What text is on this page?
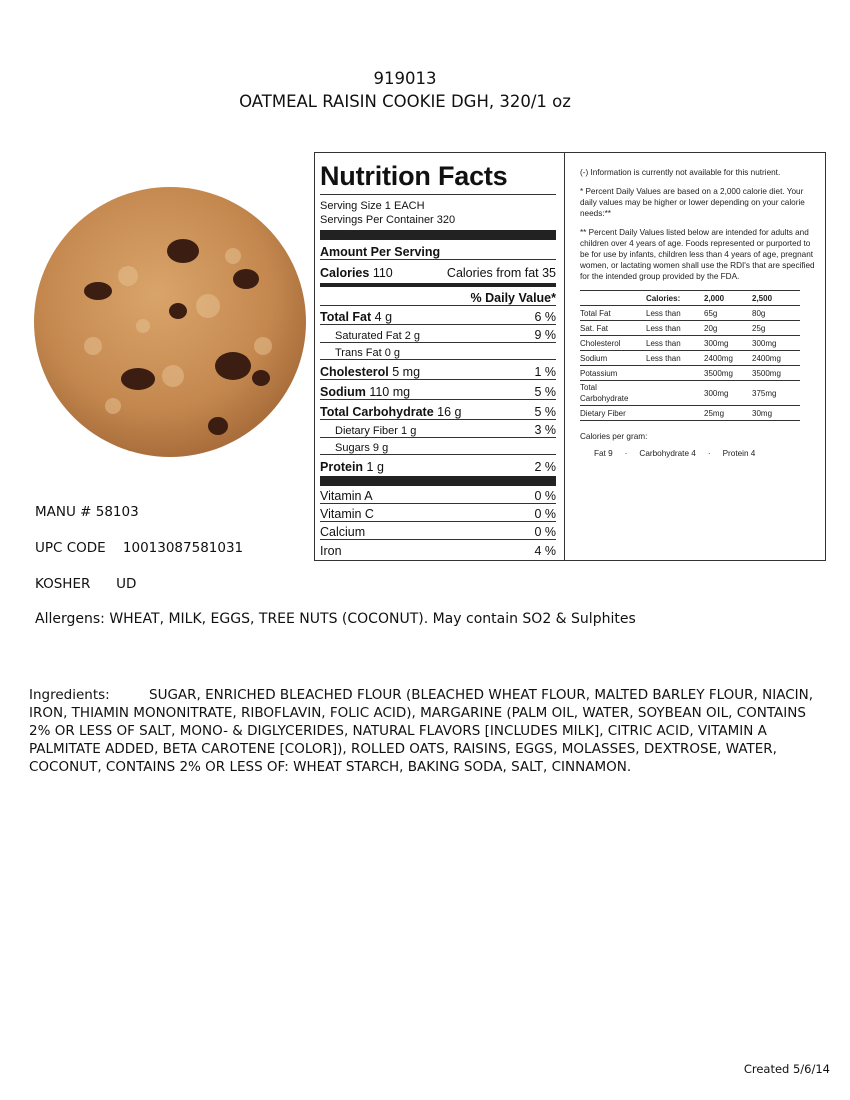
919013
OATMEAL RAISIN COOKIE DGH, 320/1 oz
MANU # 58103
UPC CODE 10013087581031
KOSHER UD
Allergens: WHEAT, MILK, EGGS, TREE NUTS (COCONUT). May contain SO2 & Sulphites
Ingredients:	SUGAR, ENRICHED BLEACHED FLOUR (BLEACHED WHEAT FLOUR, MALTED BARLEY FLOUR, NIACIN, IRON, THIAMIN MONONITRATE, RIBOFLAVIN, FOLIC ACID), MARGARINE (PALM OIL, WATER, SOYBEAN OIL, CONTAINS 2% OR LESS OF SALT, MONO- & DIGLYCERIDES, NATURAL FLAVORS [INCLUDES MILK], CITRIC ACID, VITAMIN A PALMITATE ADDED, BETA CAROTENE [COLOR]), ROLLED OATS, RAISINS, EGGS, MOLASSES, DEXTROSE, WATER, COCONUT, CONTAINS 2% OR LESS OF: WHEAT STARCH, BAKING SODA, SALT, CINNAMON.
Created 5/6/14
Nutrition Facts
Serving Size 1 EACH
Servings Per Container 320
Amount Per Serving
Calories 110	Calories from fat 35
% Daily Value*
Total Fat 4 g	6 %
Saturated Fat 2 g	9 %
Trans Fat 0 g
Cholesterol 5 mg	1 %
Sodium 110 mg	5 %
Total Carbohydrate 16 g	5 %
Dietary Fiber 1 g	3 %
Sugars 9 g
Protein 1 g	2 %
Vitamin A	0 %
Vitamin C	0 %
Calcium	0 %
Iron	4 %

(-) Information is currently not available for this nutrient.

* Percent Daily Values are based on a 2,000 calorie diet. Your daily values may be higher or lower depending on your calorie needs:**

** Percent Daily Values listed below are intended for adults and children over 4 years of age. Foods represented or purported to be for use by infants, children less than 4 years of age, pregnant women, or lactating women shall use the RDI's that are specified for the intended group provided by the FDA.

	Calories:	2,000	2,500
Total Fat	Less than	65g	80g
Sat. Fat	Less than	20g	25g
Cholesterol	Less than	300mg	300mg
Sodium	Less than	2400mg	2400mg
Potassium		3500mg	3500mg
Total Carbohydrate		300mg	375mg
Dietary Fiber		25mg	30mg
Calories per gram:
Fat 9 · Carbohydrate 4 · Protein 4
